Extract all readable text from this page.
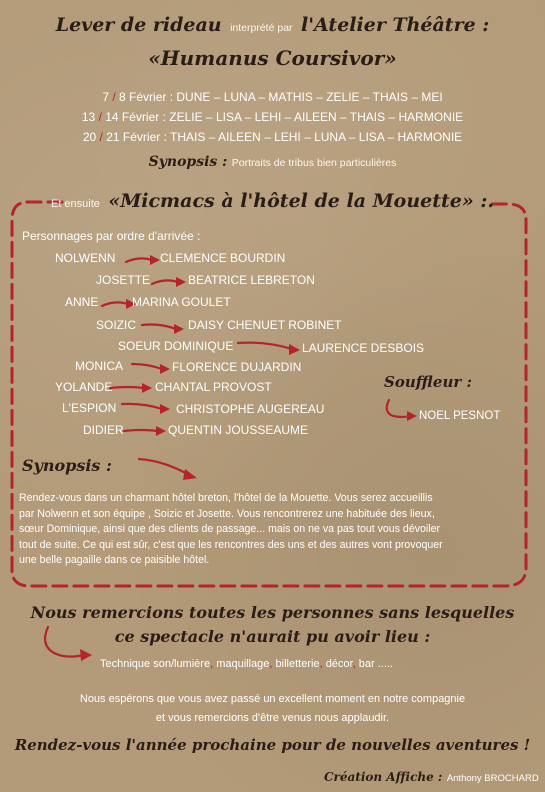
Lever de rideau interprété par l'Atelier Théâtre :
«Humanus Coursivor»
7 / 8 Février : DUNE – LUNA – MATHIS – ZELIE – THAIS – MEI
13 / 14 Février : ZELIE – LISA – LEHI – AILEEN – THAIS – HARMONIE
20 / 21 Février : THAIS – AILEEN – LEHI – LUNA – LISA – HARMONIE
Synopsis : Portraits de tribus bien particulières
Et ensuite «Micmacs à l'hôtel de la Mouette» :.
Personnages par ordre d'arrivée :
NOLWENN	CLEMENCE BOURDIN
JOSETTE	BEATRICE LEBRETON
ANNE	MARINA GOULET
SOIZIC	DAISY CHENUET ROBINET
SOEUR DOMINIQUE	LAURENCE DESBOIS
MONICA	FLORENCE DUJARDIN
YOLANDE	CHANTAL PROVOST
L'ESPION	CHRISTOPHE AUGEREAU
DIDIER	QUENTIN JOUSSEAUME
Souffleur :
NOEL PESNOT
Synopsis :
Rendez-vous dans un charmant hôtel breton, l'hôtel de la Mouette. Vous serez accueillis
par Nolwenn et son équipe , Soizic et Josette. Vous rencontrerez une habituée des lieux,
sœur Dominique, ainsi que des clients de passage... mais on ne va pas tout vous dévoiler
tout de suite. Ce qui est sûr, c'est que les rencontres des uns et des autres vont provoquer
une belle pagaille dans ce paisible hôtel.
Nous remercions toutes les personnes sans lesquelles
ce spectacle n'aurait pu avoir lieu :
Technique son/lumière, maquillage, billetterie, décor, bar .....
Nous espérons que vous avez passé un excellent moment en notre compagnie
et vous remercions d'être venus nous applaudir.
Rendez-vous l'année prochaine pour de nouvelles aventures !
Création Affiche : Anthony BROCHARD
